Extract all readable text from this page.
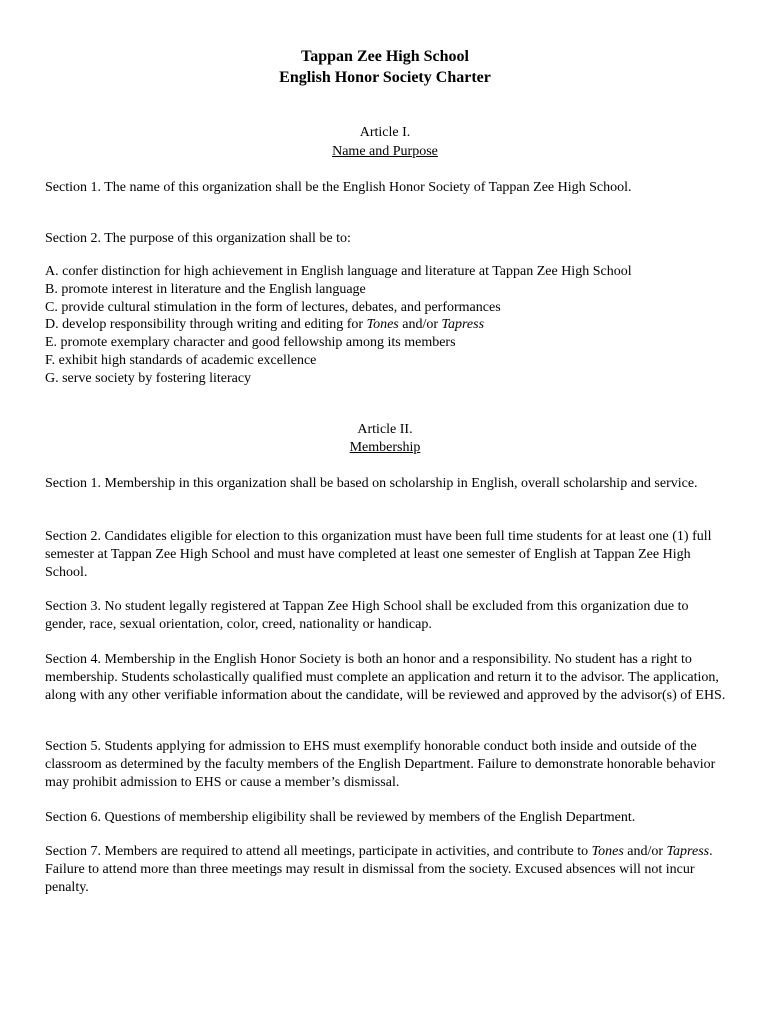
Tappan Zee High School
English Honor Society Charter
Article I.
Name and Purpose

Section 1. The name of this organization shall be the English Honor Society of Tappan Zee High School.

Section 2. The purpose of this organization shall be to:

A. confer distinction for high achievement in English language and literature at Tappan Zee High School
B. promote interest in literature and the English language
C. provide cultural stimulation in the form of lectures, debates, and performances
D. develop responsibility through writing and editing for Tones and/or Tapress
E. promote exemplary character and good fellowship among its members
F. exhibit high standards of academic excellence
G. serve society by fostering literacy
Article II.
Membership

Section 1. Membership in this organization shall be based on scholarship in English, overall scholarship and service.

Section 2. Candidates eligible for election to this organization must have been full time students for at least one (1) full semester at Tappan Zee High School and must have completed at least one semester of English at Tappan Zee High School.

Section 3. No student legally registered at Tappan Zee High School shall be excluded from this organization due to gender, race, sexual orientation, color, creed, nationality or handicap.

Section 4. Membership in the English Honor Society is both an honor and a responsibility. No student has a right to membership. Students scholastically qualified must complete an application and return it to the advisor. The application, along with any other verifiable information about the candidate, will be reviewed and approved by the advisor(s) of EHS.

Section 5. Students applying for admission to EHS must exemplify honorable conduct both inside and outside of the classroom as determined by the faculty members of the English Department. Failure to demonstrate honorable behavior may prohibit admission to EHS or cause a member’s dismissal.

Section 6. Questions of membership eligibility shall be reviewed by members of the English Department.

Section 7. Members are required to attend all meetings, participate in activities, and contribute to Tones and/or Tapress. Failure to attend more than three meetings may result in dismissal from the society. Excused absences will not incur penalty.
